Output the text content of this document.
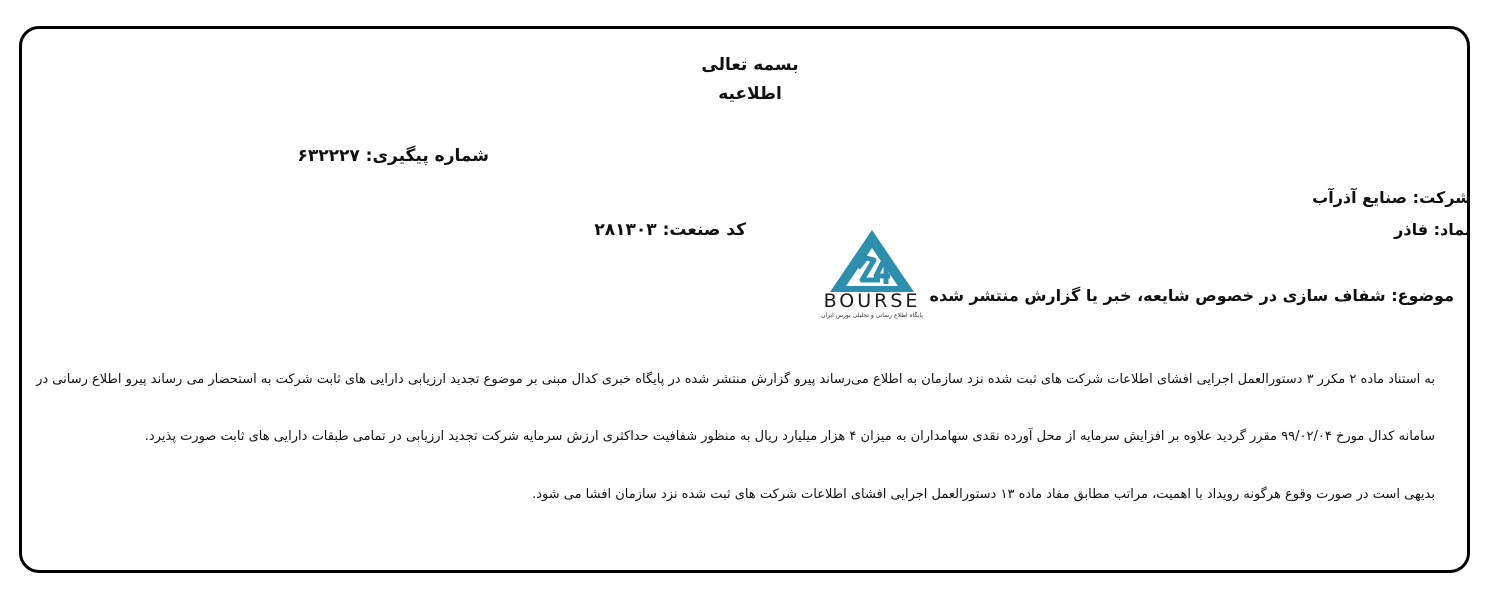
بسمه تعالی
اطلاعیه
شماره پیگیری: ۶۳۲۲۲۷
شرکت: صنایع آذرآب
نماد: فاذر
کد صنعت: ۲۸۱۳۰۳
BOURSE
پایگاه اطلاع رسانی و تحلیلی بورس ایران
موضوع: شفاف سازی در خصوص شایعه، خبر یا گزارش منتشر شده
به استناد ماده ۲ مکرر ۳ دستورالعمل اجرایی افشای اطلاعات شرکت های ثبت شده نزد سازمان به اطلاع می‌رساند پیرو گزارش منتشر شده در پایگاه خبری کدال مبنی بر موضوع تجدید ارزیابی دارایی های ثابت شرکت به استحضار می رساند پیرو اطلاع رسانی در
سامانه کدال مورخ ۹۹/۰۲/۰۴ مقرر گردید علاوه بر افزایش سرمایه از محل آورده نقدی سهامداران به میزان ۴ هزار میلیارد ریال به منظور شفافیت حداکثری ارزش سرمایه شرکت تجدید ارزیابی در تمامی طبقات دارایی های ثابت صورت پذیرد.
بدیهی است در صورت وقوع هرگونه رویداد با اهمیت، مراتب مطابق مفاد ماده ۱۳ دستورالعمل اجرایی افشای اطلاعات شرکت های ثبت شده نزد سازمان افشا می شود.
